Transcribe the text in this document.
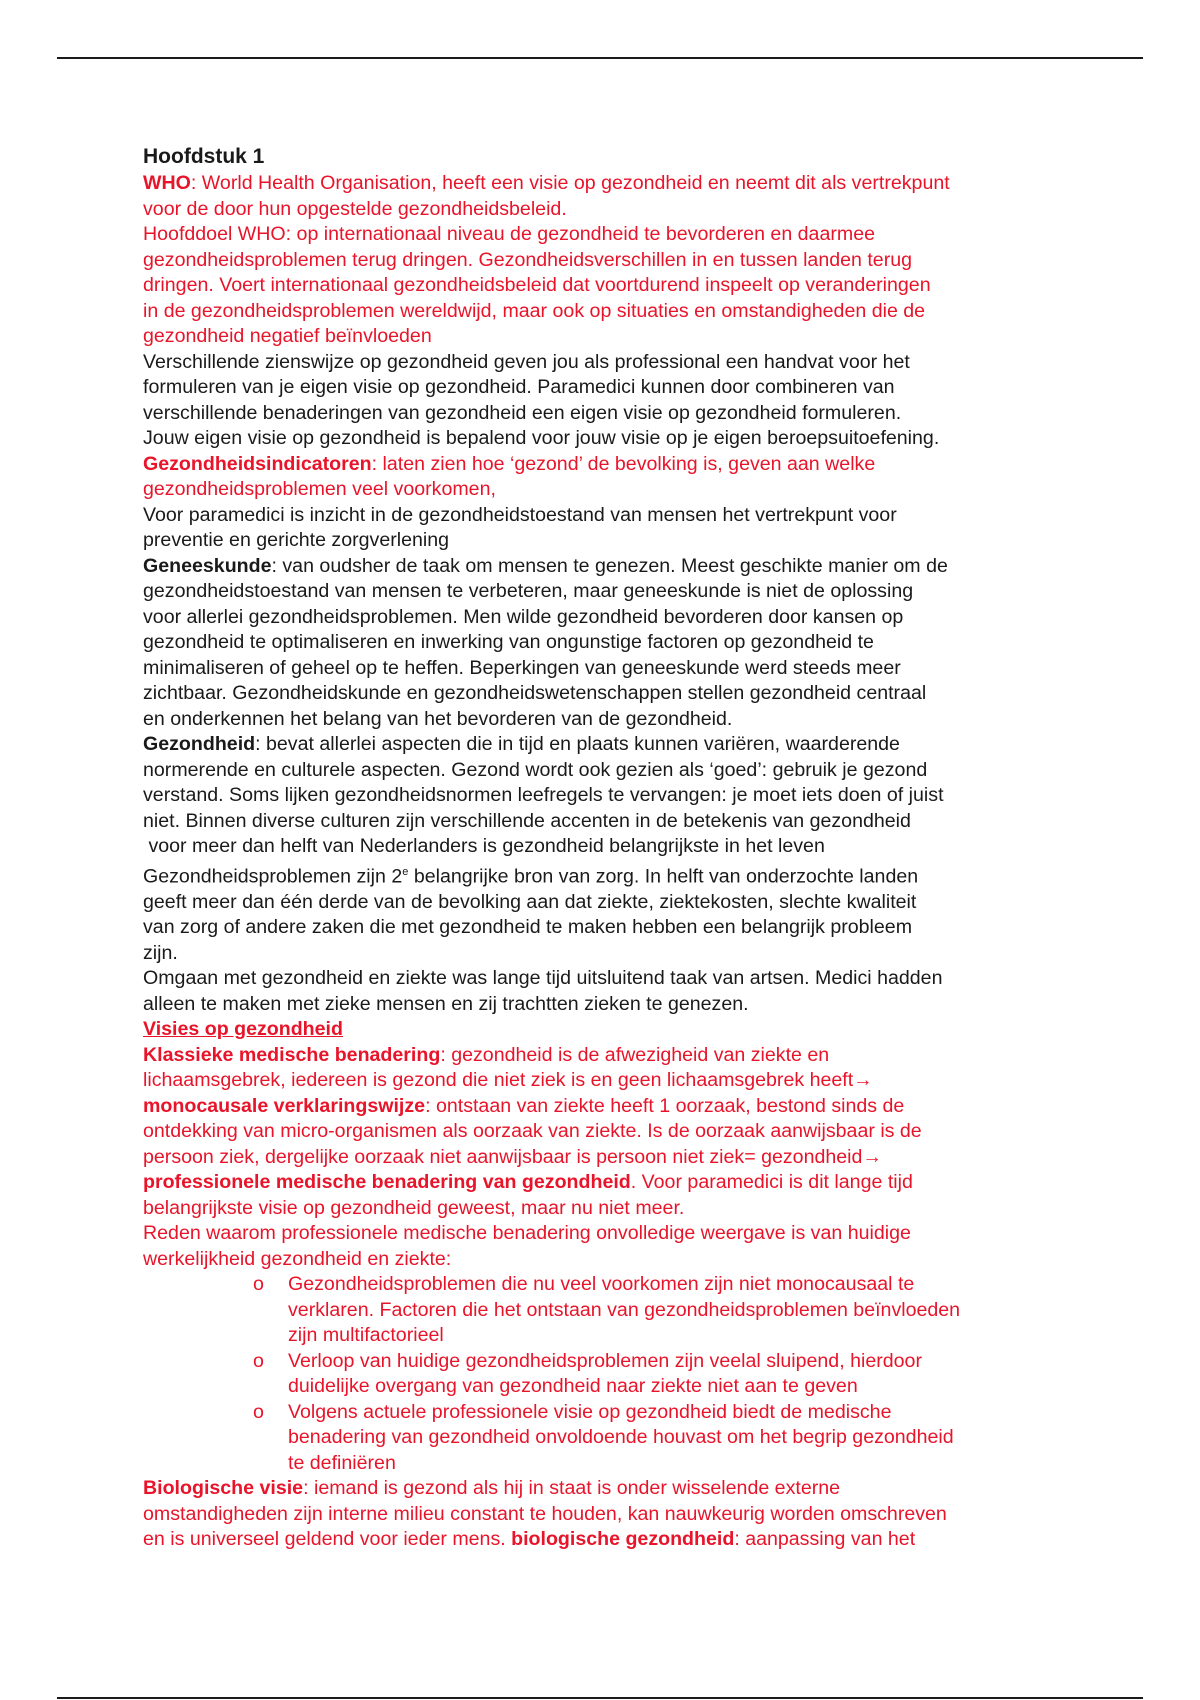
Hoofdstuk 1

WHO: World Health Organisation, heeft een visie op gezondheid en neemt dit als vertrekpunt

voor de door hun opgestelde gezondheidsbeleid.

Hoofddoel WHO: op internationaal niveau de gezondheid te bevorderen en daarmee

gezondheidsproblemen terug dringen. Gezondheidsverschillen in en tussen landen terug

dringen. Voert internationaal gezondheidsbeleid dat voortdurend inspeelt op veranderingen

in de gezondheidsproblemen wereldwijd, maar ook op situaties en omstandigheden die de

gezondheid negatief beïnvloeden

Verschillende zienswijze op gezondheid geven jou als professional een handvat voor het

formuleren van je eigen visie op gezondheid. Paramedici kunnen door combineren van

verschillende benaderingen van gezondheid een eigen visie op gezondheid formuleren.

Jouw eigen visie op gezondheid is bepalend voor jouw visie op je eigen beroepsuitoefening.

Gezondheidsindicatoren: laten zien hoe ‘gezond’ de bevolking is, geven aan welke

gezondheidsproblemen veel voorkomen,

Voor paramedici is inzicht in de gezondheidstoestand van mensen het vertrekpunt voor

preventie en gerichte zorgverlening

Geneeskunde: van oudsher de taak om mensen te genezen. Meest geschikte manier om de

gezondheidstoestand van mensen te verbeteren, maar geneeskunde is niet de oplossing

voor allerlei gezondheidsproblemen. Men wilde gezondheid bevorderen door kansen op

gezondheid te optimaliseren en inwerking van ongunstige factoren op gezondheid te

minimaliseren of geheel op te heffen. Beperkingen van geneeskunde werd steeds meer

zichtbaar. Gezondheidskunde en gezondheidswetenschappen stellen gezondheid centraal

en onderkennen het belang van het bevorderen van de gezondheid.

Gezondheid: bevat allerlei aspecten die in tijd en plaats kunnen variëren, waarderende

normerende en culturele aspecten. Gezond wordt ook gezien als ‘goed’: gebruik je gezond

verstand. Soms lijken gezondheidsnormen leefregels te vervangen: je moet iets doen of juist

niet. Binnen diverse culturen zijn verschillende accenten in de betekenis van gezondheid

voor meer dan helft van Nederlanders is gezondheid belangrijkste in het leven

Gezondheidsproblemen zijn 2e belangrijke bron van zorg. In helft van onderzochte landen

geeft meer dan één derde van de bevolking aan dat ziekte, ziektekosten, slechte kwaliteit

van zorg of andere zaken die met gezondheid te maken hebben een belangrijk probleem

zijn.

Omgaan met gezondheid en ziekte was lange tijd uitsluitend taak van artsen. Medici hadden

alleen te maken met zieke mensen en zij trachtten zieken te genezen.

Visies op gezondheid

Klassieke medische benadering: gezondheid is de afwezigheid van ziekte en

lichaamsgebrek, iedereen is gezond die niet ziek is en geen lichaamsgebrek heeft→

monocausale verklaringswijze: ontstaan van ziekte heeft 1 oorzaak, bestond sinds de

ontdekking van micro-organismen als oorzaak van ziekte. Is de oorzaak aanwijsbaar is de

persoon ziek, dergelijke oorzaak niet aanwijsbaar is persoon niet ziek= gezondheid→

professionele medische benadering van gezondheid. Voor paramedici is dit lange tijd

belangrijkste visie op gezondheid geweest, maar nu niet meer.

Reden waarom professionele medische benadering onvolledige weergave is van huidige

werkelijkheid gezondheid en ziekte:

o Gezondheidsproblemen die nu veel voorkomen zijn niet monocausaal te

verklaren. Factoren die het ontstaan van gezondheidsproblemen beïnvloeden

zijn multifactorieel

o Verloop van huidige gezondheidsproblemen zijn veelal sluipend, hierdoor

duidelijke overgang van gezondheid naar ziekte niet aan te geven

o Volgens actuele professionele visie op gezondheid biedt de medische

benadering van gezondheid onvoldoende houvast om het begrip gezondheid

te definiëren

Biologische visie: iemand is gezond als hij in staat is onder wisselende externe

omstandigheden zijn interne milieu constant te houden, kan nauwkeurig worden omschreven

en is universeel geldend voor ieder mens. biologische gezondheid: aanpassing van het
